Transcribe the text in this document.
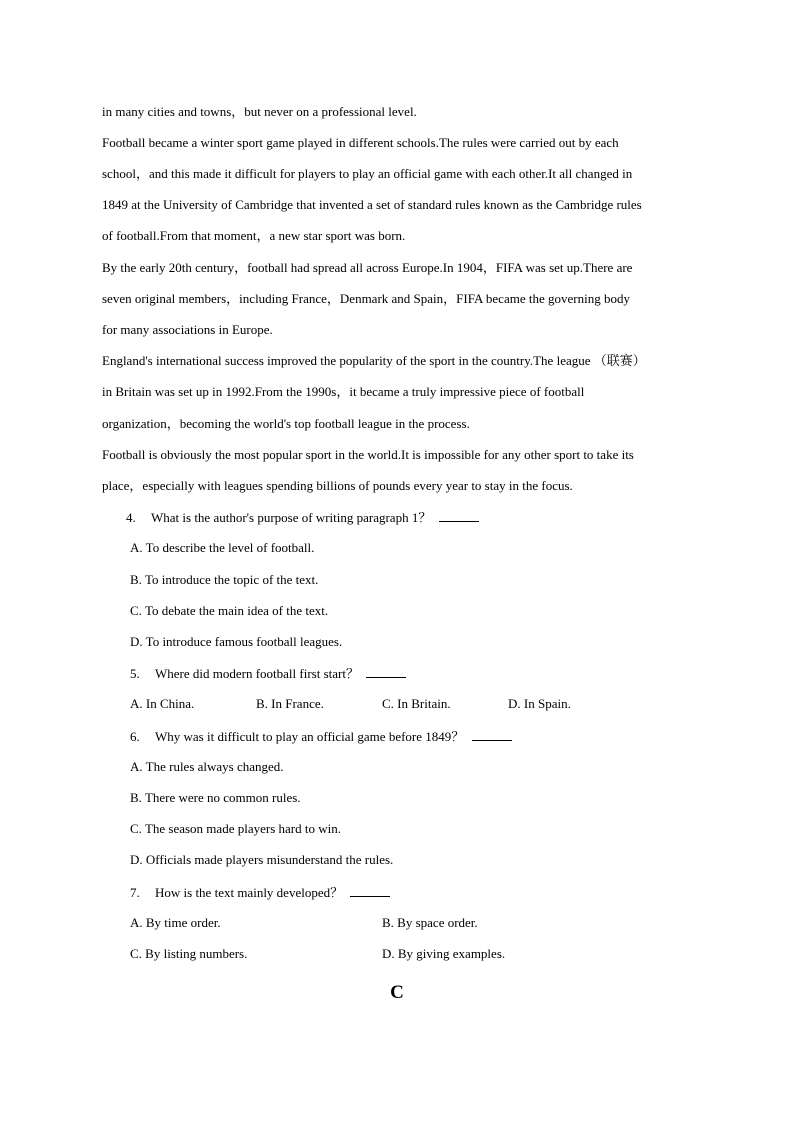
in many cities and towns，but never on a professional level.
Football became a winter sport game played in different schools.The rules were carried out by each
school，and this made it difficult for players to play an official game with each other.It all changed in
1849 at the University of Cambridge that invented a set of standard rules known as the Cambridge rules
of football.From that moment，a new star sport was born.
By the early 20th century，football had spread all across Europe.In 1904，FIFA was set up.There are
seven original members，including France，Denmark and Spain，FIFA became the governing body
for many associations in Europe.
England's international success improved the popularity of the sport in the country.The league （联赛）
in Britain was set up in 1992.From the 1990s，it became a truly impressive piece of football
organization，becoming the world's top football league in the process.
Football is obviously the most popular sport in the world.It is impossible for any other sport to take its
place，especially with leagues spending billions of pounds every year to stay in the focus.
4. What is the author's purpose of writing paragraph 1？
A. To describe the level of football.
B. To introduce the topic of the text.
C. To debate the main idea of the text.
D. To introduce famous football leagues.
5. Where did modern football first start？
A. In China.	B. In France.	C. In Britain.	D. In Spain.
6. Why was it difficult to play an official game before 1849？
A. The rules always changed.
B. There were no common rules.
C. The season made players hard to win.
D. Officials made players misunderstand the rules.
7. How is the text mainly developed？
A. By time order.	B. By space order.
C. By listing numbers.	D. By giving examples.
C
